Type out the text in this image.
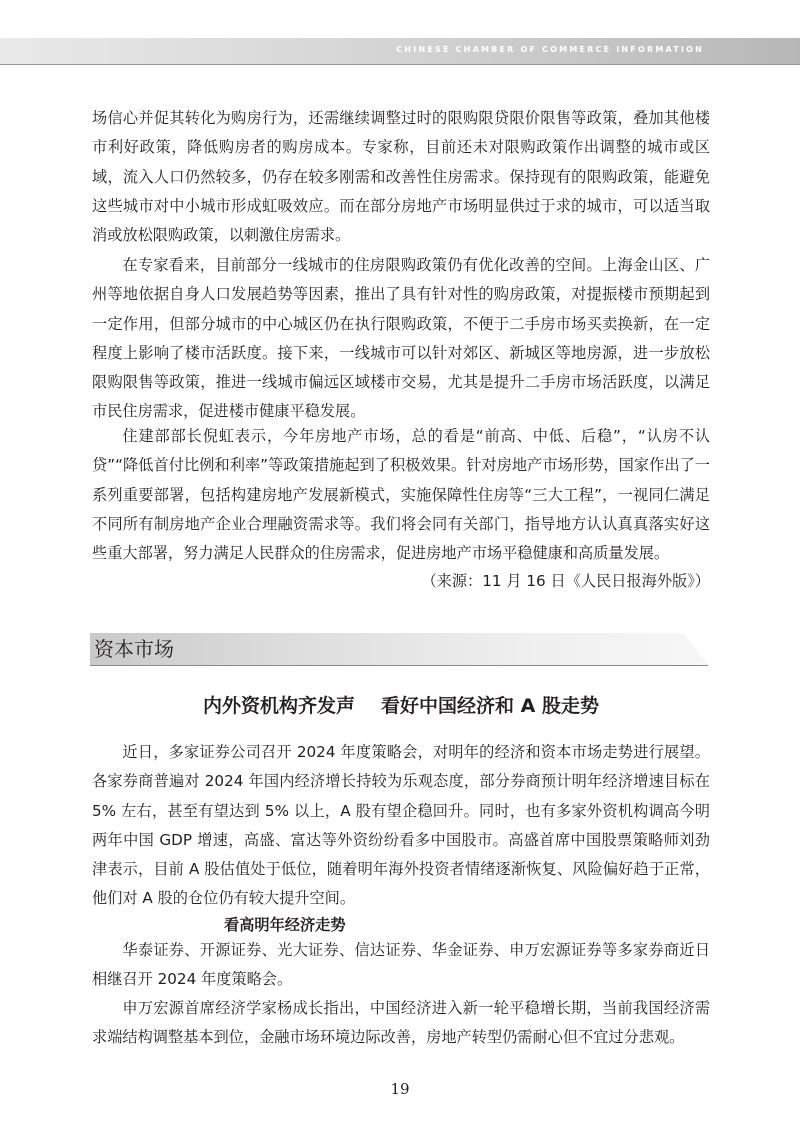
CHINESE CHAMBER OF COMMERCE INFORMATION

场信心并促其转化为购房行为，还需继续调整过时的限购限贷限价限售等政策，叠加其他楼市利好政策，降低购房者的购房成本。专家称，目前还未对限购政策作出调整的城市或区域，流入人口仍然较多，仍存在较多刚需和改善性住房需求。保持现有的限购政策，能避免这些城市对中小城市形成虹吸效应。而在部分房地产市场明显供过于求的城市，可以适当取消或放松限购政策，以刺激住房需求。

在专家看来，目前部分一线城市的住房限购政策仍有优化改善的空间。上海金山区、广州等地依据自身人口发展趋势等因素，推出了具有针对性的购房政策，对提振楼市预期起到一定作用，但部分城市的中心城区仍在执行限购政策，不便于二手房市场买卖换新，在一定程度上影响了楼市活跃度。接下来，一线城市可以针对郊区、新城区等地房源，进一步放松限购限售等政策，推进一线城市偏远区域楼市交易，尤其是提升二手房市场活跃度，以满足市民住房需求，促进楼市健康平稳发展。

住建部部长倪虹表示，今年房地产市场，总的看是“前高、中低、后稳”，“认房不认贷”“降低首付比例和利率”等政策措施起到了积极效果。针对房地产市场形势，国家作出了一系列重要部署，包括构建房地产发展新模式，实施保障性住房等“三大工程”，一视同仁满足不同所有制房地产企业合理融资需求等。我们将会同有关部门，指导地方认认真真落实好这些重大部署，努力满足人民群众的住房需求，促进房地产市场平稳健康和高质量发展。

（来源：11 月 16 日《人民日报海外版》）
资本市场
内外资机构齐发声 看好中国经济和 A 股走势

近日，多家证券公司召开 2024 年度策略会，对明年的经济和资本市场走势进行展望。各家券商普遍对 2024 年国内经济增长持较为乐观态度，部分券商预计明年经济增速目标在 5% 左右，甚至有望达到 5% 以上，A 股有望企稳回升。同时，也有多家外资机构调高今明两年中国 GDP 增速，高盛、富达等外资纷纷看多中国股市。高盛首席中国股票策略师刘劲津表示，目前 A 股估值处于低位，随着明年海外投资者情绪逐渐恢复、风险偏好趋于正常，他们对 A 股的仓位仍有较大提升空间。

看高明年经济走势

华泰证券、开源证券、光大证券、信达证券、华金证券、申万宏源证券等多家券商近日相继召开 2024 年度策略会。

申万宏源首席经济学家杨成长指出，中国经济进入新一轮平稳增长期，当前我国经济需求端结构调整基本到位，金融市场环境边际改善，房地产转型仍需耐心但不宜过分悲观。

19
